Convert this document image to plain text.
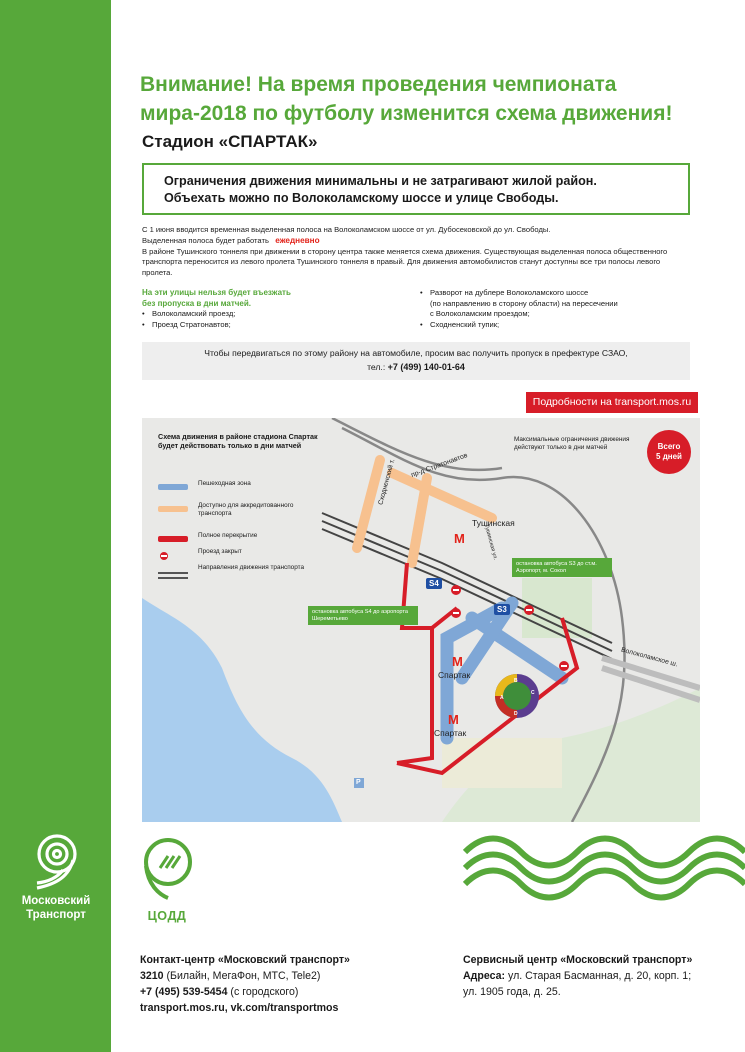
Московский
Транспорт
Внимание! На время проведения чемпионата
мира-2018 по футболу изменится схема движения!
Стадион «СПАРТАК»
Ограничения движения минимальны и не затрагивают жилой район.
Объехать можно по Волоколамскому шоссе и улице Свободы.
С 1 июня вводится временная выделенная полоса на Волоколамском шоссе от ул. Дубосековской до ул. Свободы.
Выделенная полоса будет работать ежедневно
В районе Тушинского тоннеля при движении в сторону центра также меняется схема движения. Существующая выделенная полоса общественного транспорта переносится из левого пролета Тушинского тоннеля в правый. Для движения автомобилистов станут доступны все три полосы левого пролета.
На эти улицы нельзя будет въезжать
без пропуска в дни матчей.
• Волоколамский проезд;
• Проезд Стратонавтов;
• Разворот на дублере Волоколамского шоссе
(по направлению в сторону области) на пересечении
с Волоколамским проездом;
• Сходненский тупик;
Чтобы передвигаться по этому району на автомобиле, просим вас получить пропуск в префектуре СЗАО,
тел.: +7 (499) 140-01-64
Подробности на transport.mos.ru
M
M
M
Схема движения в районе стадиона Спартак будет действовать только в дни матчей
Пешеходная зона
Доступно для аккредитованного транспорта
Полное перекрытие
Проезд закрыт
Направления движения транспорта
Максимальные ограничения движения действуют только в дни матчей	Всего
5 дней
пр-д Стратонавтов
Сходненский т.
Волоколамское ш.
Тушинская ул.
Тушинская
Спартак
Спартак
S4
S3
остановка автобуса S3 до ст.м. Аэропорт, м. Сокол
остановка автобуса S4 до аэропорта Шереметьево
P
B
C
D
A
ЦОДД
Контакт-центр «Московский транспорт»
3210 (Билайн, МегаФон, МТС, Tele2)
+7 (495) 539-5454 (с городского)
transport.mos.ru, vk.com/transportmos
Сервисный центр «Московский транспорт»
Адреса: ул. Старая Басманная, д. 20, корп. 1;
ул. 1905 года, д. 25.
